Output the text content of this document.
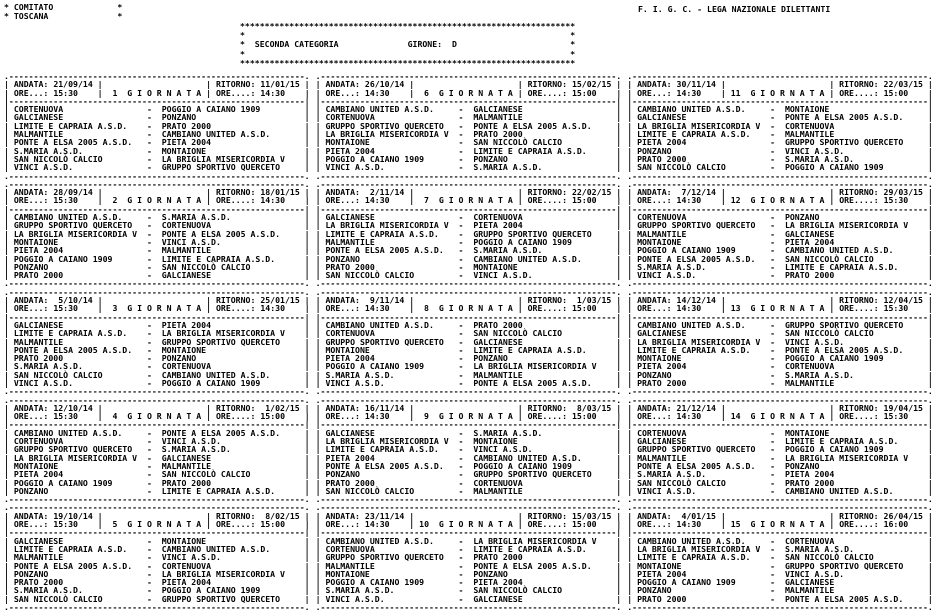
* COMITATO	*
* TOSCANA	*
F. I. G. C. - LEGA NAZIONALE DILETTANTI
********************************************************************
*                                                                  *
*  SECONDA CATEGORIA	GIRONE: D	*
*                                                                  *
********************************************************************
.------------------------------------------------------------.
| ANDATA: 21/09/14 |	| RITORNO: 11/01/15 |
| ORE...: 15:30    | 1 G I O R N A T A | ORE....: 14:30    |
|------------------------------------------------------------|
| CORTENUOVA	- POGGIO A CAIANO 1909	|
| GALCIANESE	- PONZANO	|
| LIMITE E CAPRAIA A.S.D. - PRATO 2000	|
| MALMANTILE	- CAMBIANO UNITED A.S.D.	|
| PONTE A ELSA 2005 A.S.D. - PIETA 2004	|
| S.MARIA A.S.D.	- MONTAIONE	|
| SAN NICCOLÒ CALCIO	- LA BRIGLIA MISERICORDIA V |
| VINCI A.S.D.	- GRUPPO SPORTIVO QUERCETO	|
.------------------------------------------------------------.
.------------------------------------------------------------.
| ANDATA: 28/09/14 |	| RITORNO: 18/01/15 |
| ORE...: 15:30    | 2 G I O R N A T A | ORE....: 14:30    |
|------------------------------------------------------------|
| CAMBIANO UNITED A.S.D.	- S.MARIA A.S.D.	|
| GRUPPO SPORTIVO QUERCETO - CORTENUOVA	|
| LA BRIGLIA MISERICORDIA V - PONTE A ELSA 2005 A.S.D.	|
| MONTAIONE	- VINCI A.S.D.	|
| PIETA 2004	- MALMANTILE	|
| POGGIO A CAIANO 1909	- LIMITE E CAPRAIA A.S.D.	|
| PONZANO	- SAN NICCOLÒ CALCIO	|
| PRATO 2000	- GALCIANESE	|
.------------------------------------------------------------.
.------------------------------------------------------------.
| ANDATA: 5/10/14 |	| RITORNO: 25/01/15 |
| ORE...: 15:30    | 3 G I O R N A T A | ORE....: 14:30    |
|------------------------------------------------------------|
| GALCIANESE	- PIETA 2004	|
| LIMITE E CAPRAIA A.S.D. - LA BRIGLIA MISERICORDIA V |
| MALMANTILE	- GRUPPO SPORTIVO QUERCETO	|
| PONTE A ELSA 2005 A.S.D. - MONTAIONE	|
| PRATO 2000	- PONZANO	|
| S.MARIA A.S.D.	- CORTENUOVA	|
| SAN NICCOLÒ CALCIO	- CAMBIANO UNITED A.S.D.	|
| VINCI A.S.D.	- POGGIO A CAIANO 1909	|
.------------------------------------------------------------.
.------------------------------------------------------------.
| ANDATA: 12/10/14 |	| RITORNO: 1/02/15 |
| ORE...: 15:30    | 4 G I O R N A T A | ORE....: 15:00    |
|------------------------------------------------------------|
| CAMBIANO UNITED A.S.D.	- PONTE A ELSA 2005 A.S.D.	|
| CORTENUOVA	- VINCI A.S.D.	|
| GRUPPO SPORTIVO QUERCETO - S.MARIA A.S.D.	|
| LA BRIGLIA MISERICORDIA V - GALCIANESE	|
| MONTAIONE	- MALMANTILE	|
| PIETA 2004	- SAN NICCOLÒ CALCIO	|
| POGGIO A CAIANO 1909	- PRATO 2000	|
| PONZANO	- LIMITE E CAPRAIA A.S.D.	|
.------------------------------------------------------------.
.------------------------------------------------------------.
| ANDATA: 19/10/14 |	| RITORNO: 8/02/15 |
| ORE...: 15:30    | 5 G I O R N A T A | ORE....: 15:00    |
|------------------------------------------------------------|
| GALCIANESE	- MONTAIONE	|
| LIMITE E CAPRAIA A.S.D. - CAMBIANO UNITED A.S.D.	|
| MALMANTILE	- VINCI A.S.D.	|
| PONTE A ELSA 2005 A.S.D. - CORTENUOVA	|
| PONZANO	- LA BRIGLIA MISERICORDIA V |
| PRATO 2000	- PIETA 2004	|
| S.MARIA A.S.D.	- POGGIO A CAIANO 1909	|
| SAN NICCOLÒ CALCIO	- GRUPPO SPORTIVO QUERCETO	|
.------------------------------------------------------------.
.------------------------------------------------------------.
| ANDATA: 26/10/14 |	| RITORNO: 15/02/15 |
| ORE...: 14:30    | 6 G I O R N A T A | ORE....: 15:00    |
|------------------------------------------------------------|
| CAMBIANO UNITED A.S.D.	- GALCIANESE	|
| CORTENUOVA	- MALMANTILE	|
| GRUPPO SPORTIVO QUERCETO - PONTE A ELSA 2005 A.S.D.	|
| LA BRIGLIA MISERICORDIA V - PRATO 2000	|
| MONTAIONE	- SAN NICCOLÒ CALCIO	|
| PIETA 2004	- LIMITE E CAPRAIA A.S.D.	|
| POGGIO A CAIANO 1909	- PONZANO	|
| VINCI A.S.D.	- S.MARIA A.S.D.	|
.------------------------------------------------------------.
.------------------------------------------------------------.
| ANDATA: 2/11/14 |	| RITORNO: 22/02/15 |
| ORE...: 14:30    | 7 G I O R N A T A | ORE....: 15:00    |
|------------------------------------------------------------|
| GALCIANESE	- CORTENUOVA	|
| LA BRIGLIA MISERICORDIA V - PIETA 2004	|
| LIMITE E CAPRAIA A.S.D. - GRUPPO SPORTIVO QUERCETO	|
| MALMANTILE	- POGGIO A CAIANO 1909	|
| PONTE A ELSA 2005 A.S.D. - S.MARIA A.S.D.	|
| PONZANO	- CAMBIANO UNITED A.S.D.	|
| PRATO 2000	- MONTAIONE	|
| SAN NICCOLÒ CALCIO	- VINCI A.S.D.	|
.------------------------------------------------------------.
.------------------------------------------------------------.
| ANDATA: 9/11/14 |	| RITORNO: 1/03/15 |
| ORE...: 14:30    | 8 G I O R N A T A | ORE....: 15:00    |
|------------------------------------------------------------|
| CAMBIANO UNITED A.S.D.	- PRATO 2000	|
| CORTENUOVA	- SAN NICCOLÒ CALCIO	|
| GRUPPO SPORTIVO QUERCETO - GALCIANESE	|
| MONTAIONE	- LIMITE E CAPRAIA A.S.D.	|
| PIETA 2004	- PONZANO	|
| POGGIO A CAIANO 1909	- LA BRIGLIA MISERICORDIA V |
| S.MARIA A.S.D.	- MALMANTILE	|
| VINCI A.S.D.	- PONTE A ELSA 2005 A.S.D.	|
.------------------------------------------------------------.
.------------------------------------------------------------.
| ANDATA: 16/11/14 |	| RITORNO: 8/03/15 |
| ORE...: 14:30    | 9 G I O R N A T A | ORE....: 15:00    |
|------------------------------------------------------------|
| GALCIANESE	- S.MARIA A.S.D.	|
| LA BRIGLIA MISERICORDIA V - MONTAIONE	|
| LIMITE E CAPRAIA A.S.D. - VINCI A.S.D.	|
| PIETA 2004	- CAMBIANO UNITED A.S.D.	|
| PONTE A ELSA 2005 A.S.D. - POGGIO A CAIANO 1909	|
| PONZANO	- GRUPPO SPORTIVO QUERCETO	|
| PRATO 2000	- CORTENUOVA	|
| SAN NICCOLÒ CALCIO	- MALMANTILE	|
.------------------------------------------------------------.
.------------------------------------------------------------.
| ANDATA: 23/11/14 |	| RITORNO: 15/03/15 |
| ORE...: 14:30    | 10 G I O R N A T A | ORE....: 15:00    |
|------------------------------------------------------------|
| CAMBIANO UNITED A.S.D.	- LA BRIGLIA MISERICORDIA V |
| CORTENUOVA	- LIMITE E CAPRAIA A.S.D.	|
| GRUPPO SPORTIVO QUERCETO - PRATO 2000	|
| MALMANTILE	- PONTE A ELSA 2005 A.S.D.	|
| MONTAIONE	- PONZANO	|
| POGGIO A CAIANO 1909	- PIETA 2004	|
| S.MARIA A.S.D.	- SAN NICCOLÒ CALCIO	|
| VINCI A.S.D.	- GALCIANESE	|
.------------------------------------------------------------.
.------------------------------------------------------------.
| ANDATA: 30/11/14 |	| RITORNO: 22/03/15 |
| ORE...: 14:30    | 11 G I O R N A T A | ORE....: 15:00    |
|------------------------------------------------------------|
| CAMBIANO UNITED A.S.D.	- MONTAIONE	|
| GALCIANESE	- PONTE A ELSA 2005 A.S.D.	|
| LA BRIGLIA MISERICORDIA V - CORTENUOVA	|
| LIMITE E CAPRAIA A.S.D. - MALMANTILE	|
| PIETA 2004	- GRUPPO SPORTIVO QUERCETO	|
| PONZANO	- VINCI A.S.D.	|
| PRATO 2000	- S.MARIA A.S.D.	|
| SAN NICCOLÒ CALCIO	- POGGIO A CAIANO 1909	|
.------------------------------------------------------------.
.------------------------------------------------------------.
| ANDATA: 7/12/14 |	| RITORNO: 29/03/15 |
| ORE...: 14:30    | 12 G I O R N A T A | ORE....: 15:30    |
|------------------------------------------------------------|
| CORTENUOVA	- PONZANO	|
| GRUPPO SPORTIVO QUERCETO - LA BRIGLIA MISERICORDIA V |
| MALMANTILE	- GALCIANESE	|
| MONTAIONE	- PIETA 2004	|
| POGGIO A CAIANO 1909	- CAMBIANO UNITED A.S.D.	|
| PONTE A ELSA 2005 A.S.D. - SAN NICCOLÒ CALCIO	|
| S.MARIA A.S.D.	- LIMITE E CAPRAIA A.S.D.	|
| VINCI A.S.D.	- PRATO 2000	|
.------------------------------------------------------------.
.------------------------------------------------------------.
| ANDATA: 14/12/14 |	| RITORNO: 12/04/15 |
| ORE...: 14:30    | 13 G I O R N A T A | ORE....: 15:30    |
|------------------------------------------------------------|
| CAMBIANO UNITED A.S.D.	- GRUPPO SPORTIVO QUERCETO	|
| GALCIANESE	- SAN NICCOLÒ CALCIO	|
| LA BRIGLIA MISERICORDIA V - VINCI A.S.D.	|
| LIMITE E CAPRAIA A.S.D. - PONTE A ELSA 2005 A.S.D.	|
| MONTAIONE	- POGGIO A CAIANO 1909	|
| PIETA 2004	- CORTENUOVA	|
| PONZANO	- S.MARIA A.S.D.	|
| PRATO 2000	- MALMANTILE	|
.------------------------------------------------------------.
.------------------------------------------------------------.
| ANDATA: 21/12/14 |	| RITORNO: 19/04/15 |
| ORE...: 14:30    | 14 G I O R N A T A | ORE....: 15:30    |
|------------------------------------------------------------|
| CORTENUOVA	- MONTAIONE	|
| GALCIANESE	- LIMITE E CAPRAIA A.S.D.	|
| GRUPPO SPORTIVO QUERCETO - POGGIO A CAIANO 1909	|
| MALMANTILE	- LA BRIGLIA MISERICORDIA V |
| PONTE A ELSA 2005 A.S.D. - PONZANO	|
| S.MARIA A.S.D.	- PIETA 2004	|
| SAN NICCOLÒ CALCIO	- PRATO 2000	|
| VINCI A.S.D.	- CAMBIANO UNITED A.S.D.	|
.------------------------------------------------------------.
.------------------------------------------------------------.
| ANDATA: 4/01/15 |	| RITORNO: 26/04/15 |
| ORE...: 14:30    | 15 G I O R N A T A | ORE....: 16:00    |
|------------------------------------------------------------|
| CAMBIANO UNITED A.S.D.	- CORTENUOVA	|
| LA BRIGLIA MISERICORDIA V - S.MARIA A.S.D.	|
| LIMITE E CAPRAIA A.S.D. - SAN NICCOLÒ CALCIO	|
| MONTAIONE	- GRUPPO SPORTIVO QUERCETO	|
| PIETA 2004	- VINCI A.S.D.	|
| POGGIO A CAIANO 1909	- GALCIANESE	|
| PONZANO	- MALMANTILE	|
| PRATO 2000	- PONTE A ELSA 2005 A.S.D.	|
.------------------------------------------------------------.
